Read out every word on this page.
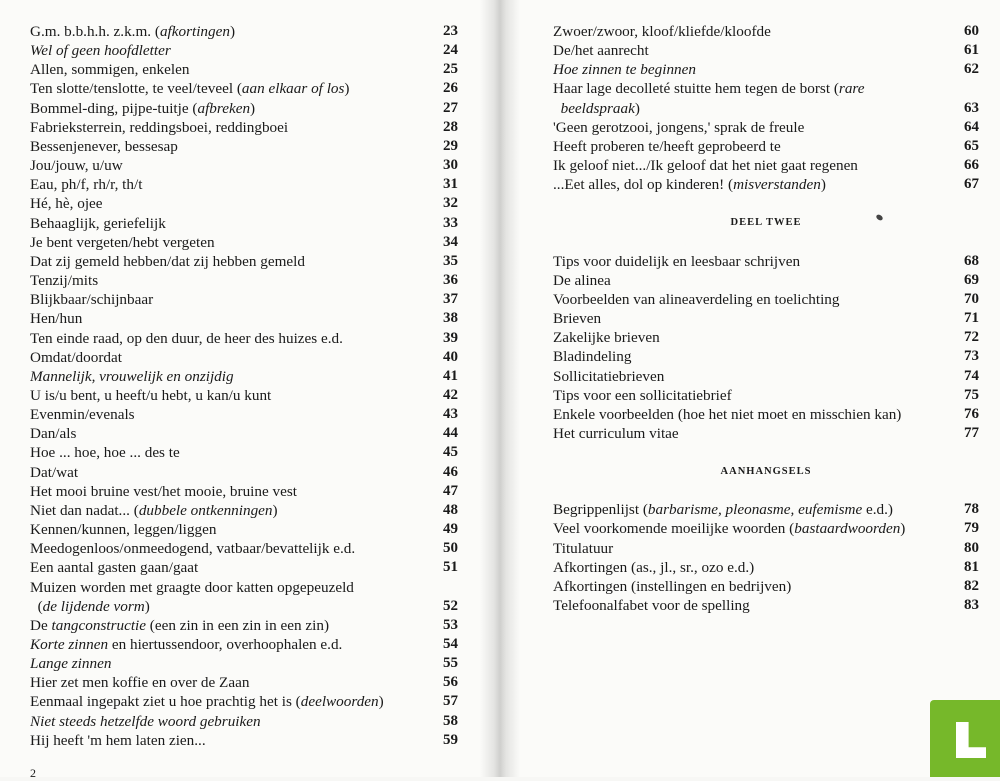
G.m. b.b.h.h. z.k.m. (afkortingen)	23
Wel of geen hoofdletter	24
Allen, sommigen, enkelen	25
Ten slotte/tenslotte, te veel/teveel (aan elkaar of los)	26
Bommel-ding, pijpe-tuitje (afbreken)	27
Fabrieksterrein, reddingsboei, reddingboei	28
Bessenjenever, bessesap	29
Jou/jouw, u/uw	30
Eau, ph/f, rh/r, th/t	31
Hé, hè, ojee	32
Behaaglijk, geriefelijk	33
Je bent vergeten/hebt vergeten	34
Dat zij gemeld hebben/dat zij hebben gemeld	35
Tenzij/mits	36
Blijkbaar/schijnbaar	37
Hen/hun	38
Ten einde raad, op den duur, de heer des huizes e.d.	39
Omdat/doordat	40
Mannelijk, vrouwelijk en onzijdig	41
U is/u bent, u heeft/u hebt, u kan/u kunt	42
Evenmin/evenals	43
Dan/als	44
Hoe ... hoe, hoe ... des te	45
Dat/wat	46
Het mooi bruine vest/het mooie, bruine vest	47
Niet dan nadat... (dubbele ontkenningen)	48
Kennen/kunnen, leggen/liggen	49
Meedogenloos/onmeedogend, vatbaar/bevattelijk e.d.	50
Een aantal gasten gaan/gaat	51
Muizen worden met graagte door katten opgepeuzeld
(de lijdende vorm)	52
De tangconstructie (een zin in een zin in een zin)	53
Korte zinnen en hiertussendoor, overhoophalen e.d.	54
Lange zinnen	55
Hier zet men koffie en over de Zaan	56
Eenmaal ingepakt ziet u hoe prachtig het is (deelwoorden)	57
Niet steeds hetzelfde woord gebruiken	58
Hij heeft 'm hem laten zien...	59
Zwoer/zwoor, kloof/kliefde/kloofde	60
De/het aanrecht	61
Hoe zinnen te beginnen	62
Haar lage decolleté stuitte hem tegen de borst (rare
beeldspraak)	63
'Geen gerotzooi, jongens,' sprak de freule	64
Heeft proberen te/heeft geprobeerd te	65
Ik geloof niet.../Ik geloof dat het niet gaat regenen	66
...Eet alles, dol op kinderen! (misverstanden)	67
DEEL TWEE
Tips voor duidelijk en leesbaar schrijven	68
De alinea	69
Voorbeelden van alineaverdeling en toelichting	70
Brieven	71
Zakelijke brieven	72
Bladindeling	73
Sollicitatiebrieven	74
Tips voor een sollicitatiebrief	75
Enkele voorbeelden (hoe het niet moet en misschien kan)	76
Het curriculum vitae	77
AANHANGSELS
Begrippenlijst (barbarisme, pleonasme, eufemisme e.d.)	78
Veel voorkomende moeilijke woorden (bastaardwoorden)	79
Titulatuur	80
Afkortingen (as., jl., sr., ozo e.d.)	81
Afkortingen (instellingen en bedrijven)	82
Telefoonalfabet voor de spelling	83
2
